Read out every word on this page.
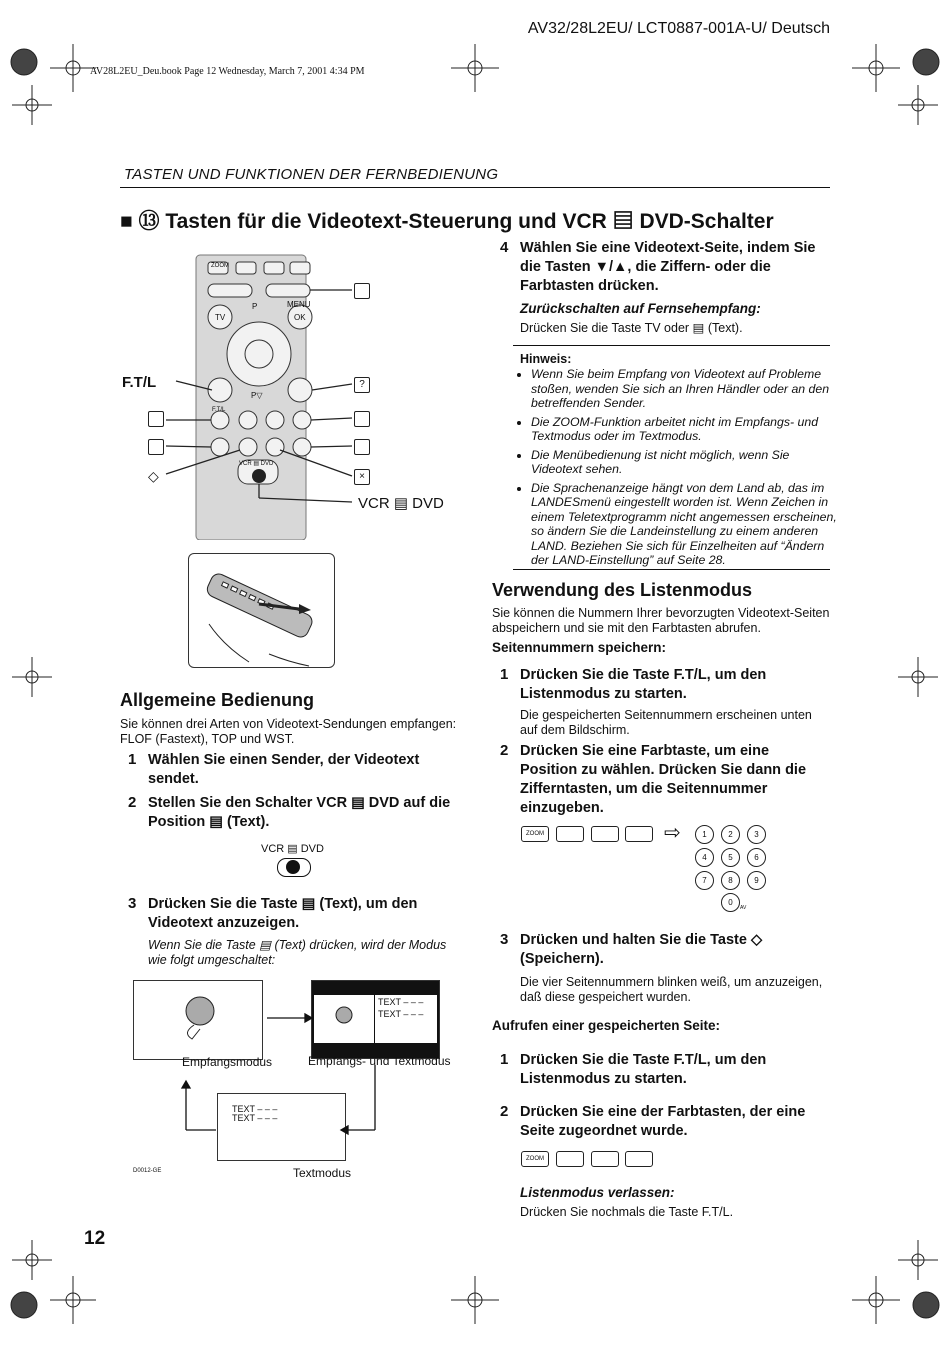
AV32/28L2EU/ LCT0887-001A-U/ Deutsch
AV28L2EU_Deu.book Page 12 Wednesday, March 7, 2001 4:34 PM
TASTEN UND FUNKTIONEN DER FERNBEDIENUNG
■ ⑬ Tasten für die Videotext-Steuerung und VCR ▤ DVD-Schalter
ZOOM
P	MENU
TV	OK
P▽
F.T/L
VCR ▤ DVD
F.T/L
VCR ▤ DVD
?
×
◇
Allgemeine Bedienung
Sie können drei Arten von Videotext-Sendungen empfangen: FLOF (Fastext), TOP und WST.
1 Wählen Sie einen Sender, der Videotext sendet.
2 Stellen Sie den Schalter VCR ▤ DVD auf die Position ▤ (Text).
VCR ▤ DVD
3 Drücken Sie die Taste ▤ (Text), um den Videotext anzuzeigen.
Wenn Sie die Taste ▤ (Text) drücken, wird der Modus wie folgt umgeschaltet:
Empfangsmodus
TEXT – – –
TEXT – – –
Empfangs- und Textmodus
TEXT – – –
TEXT – – –
Textmodus
D0012-GE
4 Wählen Sie eine Videotext-Seite, indem Sie die Tasten ▼/▲, die Ziffern- oder die Farbtasten drücken.
Zurückschalten auf Fernsehempfang:
Drücken Sie die Taste TV oder ▤ (Text).
Hinweis:
• Wenn Sie beim Empfang von Videotext auf Probleme stoßen, wenden Sie sich an Ihren Händler oder an den betreffenden Sender.
• Die ZOOM-Funktion arbeitet nicht im Empfangs- und Textmodus oder im Textmodus.
• Die Menübedienung ist nicht möglich, wenn Sie Videotext sehen.
• Die Sprachenanzeige hängt von dem Land ab, das im LANDESmenü eingestellt worden ist. Wenn Zeichen in einem Teletextprogramm nicht angemessen erscheinen, so ändern Sie die Landeinstellung zu einem anderen LAND. Beziehen Sie sich für Einzelheiten auf “Ändern der LAND-Einstellung” auf Seite 28.
Verwendung des Listenmodus
Sie können die Nummern Ihrer bevorzugten Videotext-Seiten abspeichern und sie mit den Farbtasten abrufen.
Seitennummern speichern:
1 Drücken Sie die Taste F.T/L, um den Listenmodus zu starten.
Die gespeicherten Seitennummern erscheinen unten auf dem Bildschirm.
2 Drücken Sie eine Farbtaste, um eine Position zu wählen. Drücken Sie dann die Zifferntasten, um die Seitennummer einzugeben.
ZOOM	⇨	1	2	3
4	5	6
7	8	9
0
AV
3 Drücken und halten Sie die Taste ◇ (Speichern).
Die vier Seitennummern blinken weiß, um anzuzeigen, daß diese gespeichert wurden.
Aufrufen einer gespeicherten Seite:
1 Drücken Sie die Taste F.T/L, um den Listenmodus zu starten.
2 Drücken Sie eine der Farbtasten, der eine Seite zugeordnet wurde.
ZOOM
Listenmodus verlassen:
Drücken Sie nochmals die Taste F.T/L.
12
